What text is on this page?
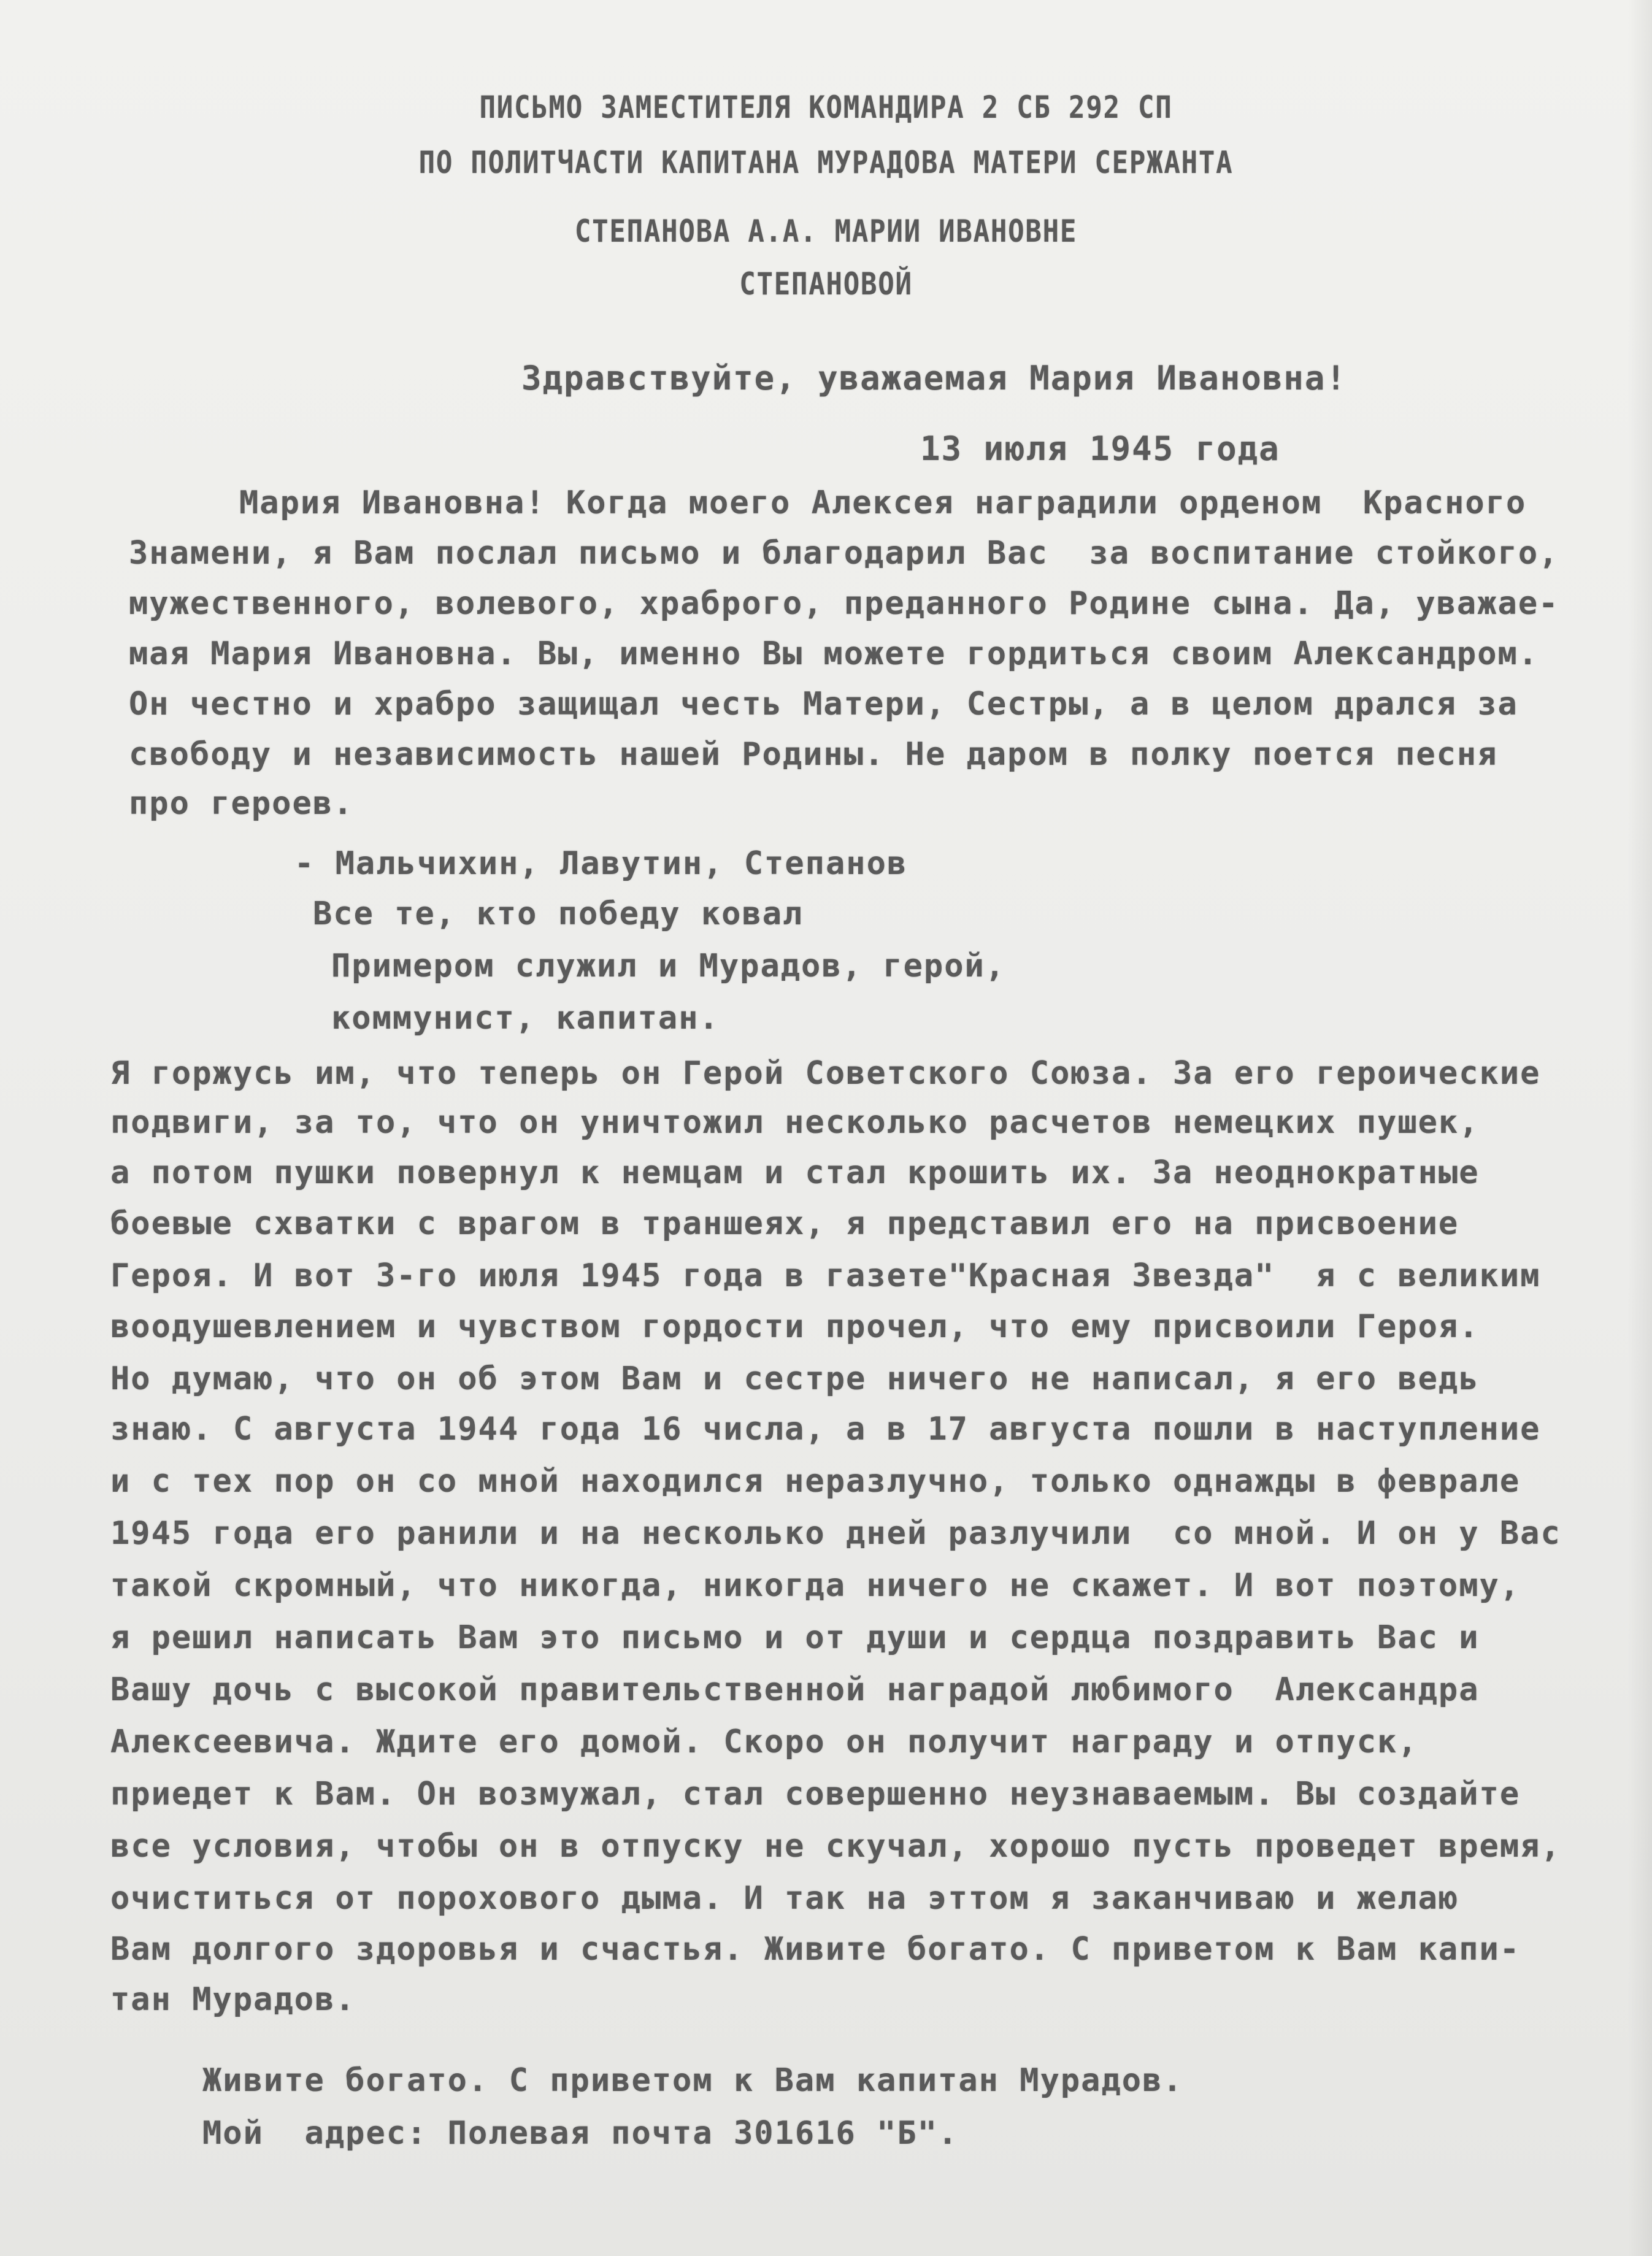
ПИСЬМО ЗАМЕСТИТЕЛЯ КОМАНДИРА 2 СБ 292 СП
ПО ПОЛИТЧАСТИ КАПИТАНА МУРАДОВА МАТЕРИ СЕРЖАНТА
СТЕПАНОВА А.А. МАРИИ ИВАНОВНЕ
СТЕПАНОВОЙ
Здравствуйте, уважаемая Мария Ивановна!
13 июля 1945 года
Мария Ивановна! Когда моего Алексея наградили орденом  Красного
Знамени, я Вам послал письмо и благодарил Вас  за воспитание стойкого,
мужественного, волевого, храброго, преданного Родине сына. Да, уважае-
мая Мария Ивановна. Вы, именно Вы можете гордиться своим Александром.
Он честно и храбро защищал честь Матери, Сестры, а в целом дрался за
свободу и независимость нашей Родины. Не даром в полку поется песня
про героев.
- Мальчихин, Лавутин, Степанов
Все те, кто победу ковал
Примером служил и Мурадов, герой,
коммунист, капитан.
Я горжусь им, что теперь он Герой Советского Союза. За его героические
подвиги, за то, что он уничтожил несколько расчетов немецких пушек,
а потом пушки повернул к немцам и стал крошить их. За неоднократные
боевые схватки с врагом в траншеях, я представил его на присвоение
Героя. И вот 3-го июля 1945 года в газете"Красная Звезда"  я с великим
воодушевлением и чувством гордости прочел, что ему присвоили Героя.
Но думаю, что он об этом Вам и сестре ничего не написал, я его ведь
знаю. С августа 1944 года 16 числа, а в 17 августа пошли в наступление
и с тех пор он со мной находился неразлучно, только однажды в феврале
1945 года его ранили и на несколько дней разлучили  со мной. И он у Вас
такой скромный, что никогда, никогда ничего не скажет. И вот поэтому,
я решил написать Вам это письмо и от души и сердца поздравить Вас и
Вашу дочь с высокой правительственной наградой любимого  Александра
Алексеевича. Ждите его домой. Скоро он получит награду и отпуск,
приедет к Вам. Он возмужал, стал совершенно неузнаваемым. Вы создайте
все условия, чтобы он в отпуску не скучал, хорошо пусть проведет время,
очиститься от порохового дыма. И так на эттом я заканчиваю и желаю
Вам долгого здоровья и счастья. Живите богато. С приветом к Вам капи-
тан Мурадов.
Живите богато. С приветом к Вам капитан Мурадов.
Мой  адрес: Полевая почта 301616 "Б".
